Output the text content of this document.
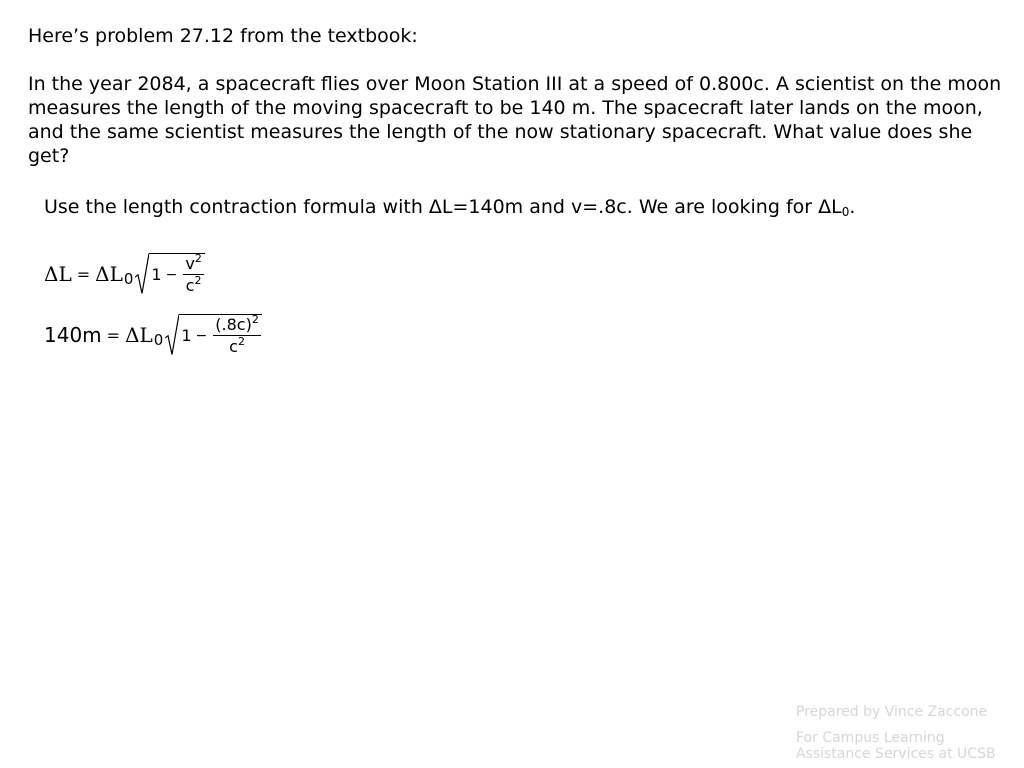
Here’s problem 27.12 from the textbook:

In the year 2084, a spacecraft flies over Moon Station III at a speed of 0.800c. A scientist on the moon measures the length of the moving spacecraft to be 140 m. The spacecraft later lands on the moon, and the same scientist measures the length of the now stationary spacecraft. What value does she get?

Use the length contraction formula with ΔL=140m and v=.8c. We are looking for $\Delta L_0$.

ΔL = ΔL 0 $1 - \frac{v^2}{c^2}$
140m = ΔL 0 $1 - \frac{(.8c)^2}{c^2}$

Prepared by Vince Zaccone

For Campus Learning Assistance Services at UCSB
